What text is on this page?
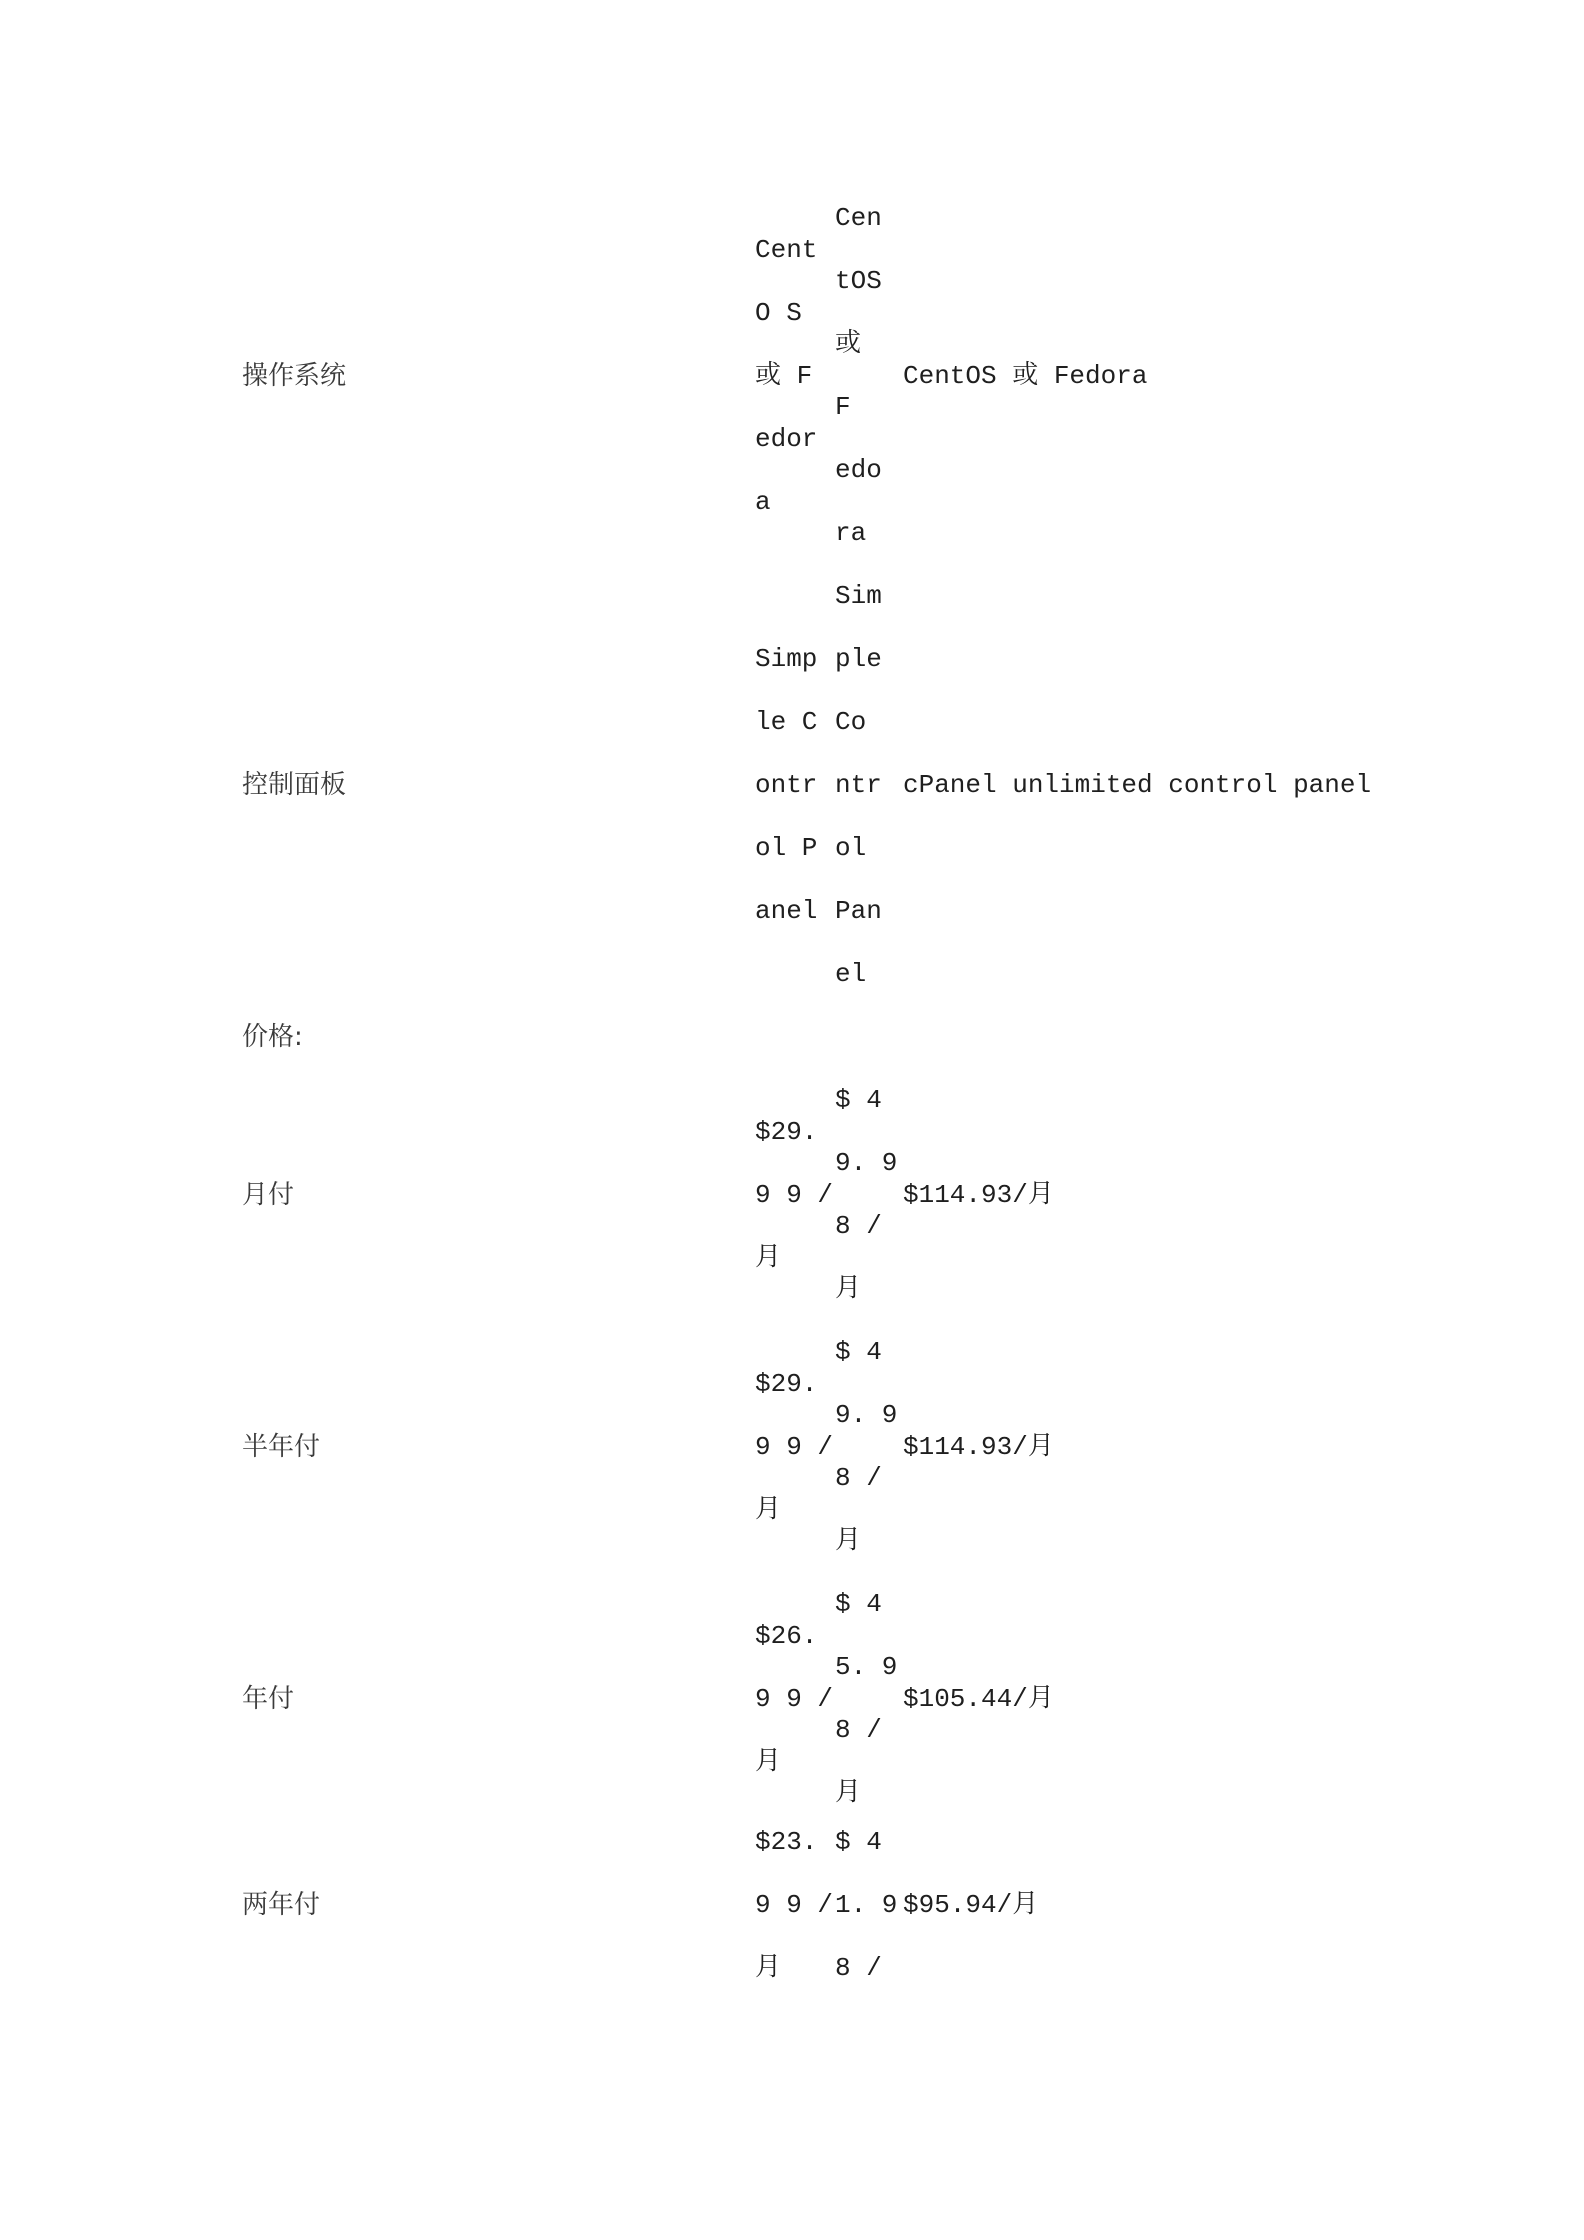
操作系统
Cent
O S
或 F
edor
a
Cen
tOS
或
F
edo
ra
CentOS 或 Fedora
控制面板
Simp
le C
ontr
ol P
anel
Sim
ple
Co
ntr
ol
Pan
el
cPanel unlimited control panel
价格:
月付
$29.
9 9 /
月
$ 4
9. 9
8 /
月
$114.93/月
半年付
$29.
9 9 /
月
$ 4
9. 9
8 /
月
$114.93/月
年付
$26.
9 9 /
月
$ 4
5. 9
8 /
月
$105.44/月
两年付
$23.
9 9 /
月
$ 4
1. 9
8 /
$95.94/月
